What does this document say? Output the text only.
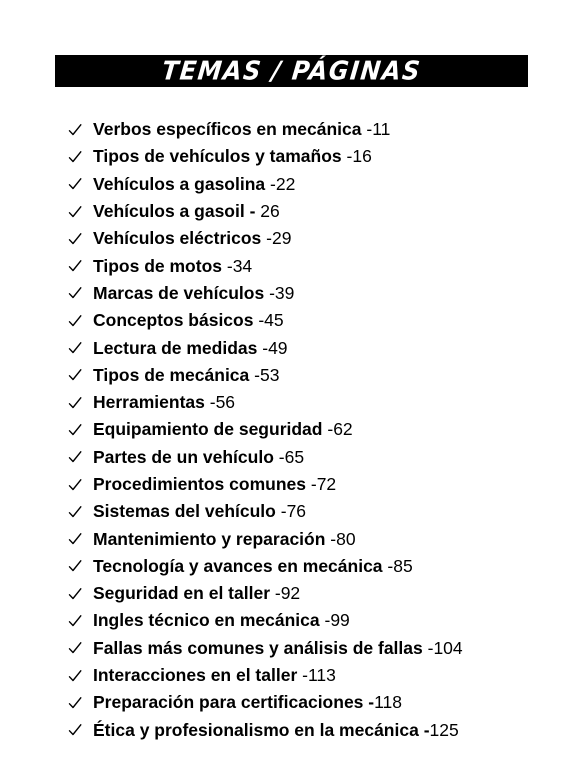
TEMAS / PÁGINAS
Verbos específicos en mecánica - 11
Tipos de vehículos y tamaños - 16
Vehículos a gasolina - 22
Vehículos a gasoil -
26
Vehículos eléctricos - 29
Tipos de motos - 34
Marcas de vehículos - 39
Conceptos básicos - 45
Lectura de medidas - 49
Tipos de mecánica - 53
Herramientas - 56
Equipamiento de seguridad - 62
Partes de un vehículo - 65
Procedimientos comunes - 72
Sistemas del vehículo - 76
Mantenimiento y reparación - 80
Tecnología y avances en mecánica - 85
Seguridad en el taller - 92
Ingles técnico en mecánica - 99
Fallas más comunes y análisis de fallas - 104
Interacciones en el taller - 113
Preparación para certificaciones - 118
Ética y profesionalismo en la mecánica - 125
